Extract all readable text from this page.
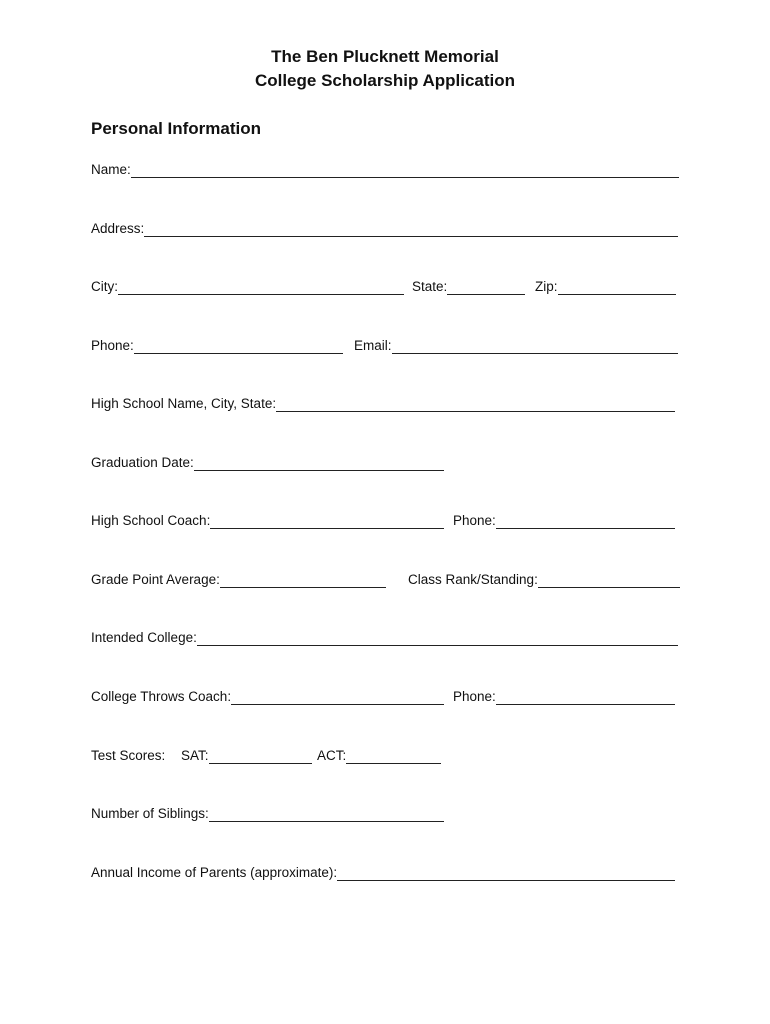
The Ben Plucknett Memorial
College Scholarship Application
Personal Information
Name:
Address:
City:	State:	Zip:
Phone:	Email:
High School Name, City, State:
Graduation Date:
High School Coach:	Phone:
Grade Point Average:	Class Rank/Standing:
Intended College:
College Throws Coach:	Phone:
Test Scores: SAT:	ACT:
Number of Siblings:
Annual Income of Parents (approximate):
